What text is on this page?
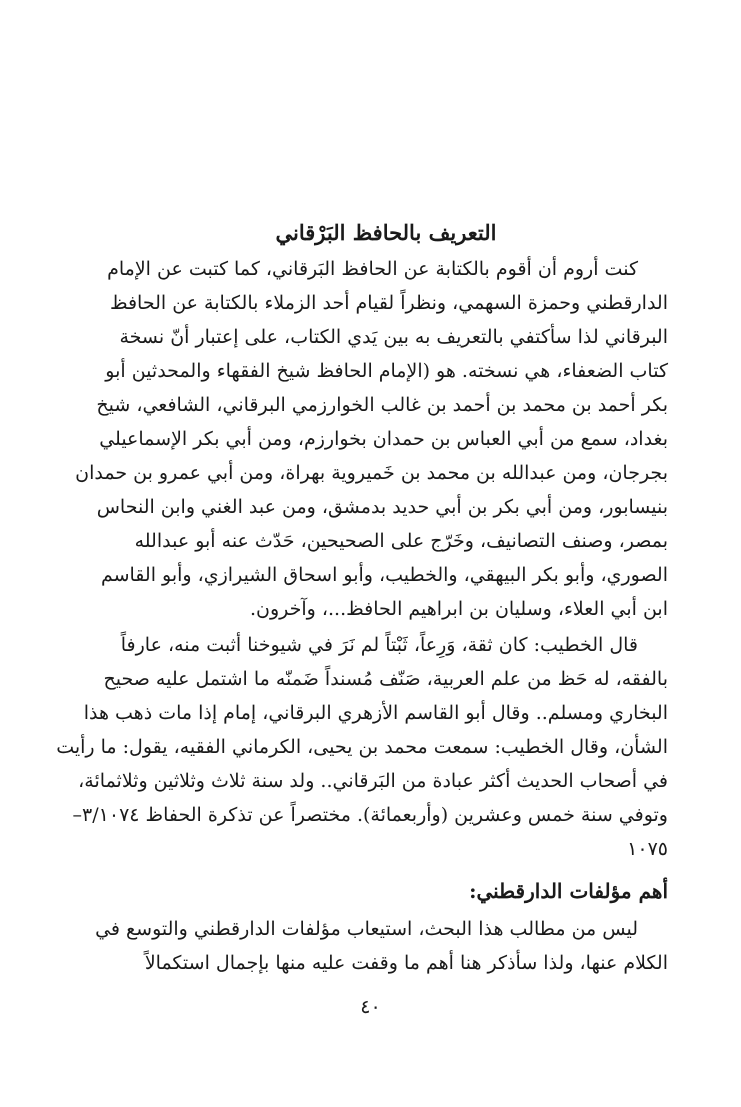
التعريف بالحافظ البَرْقاني
كنت أروم أن أقوم بالكتابة عن الحافظ البَرقاني، كما كتبت عن الإمام
الدارقطني وحمزة السهمي، ونظراً لقيام أحد الزملاء بالكتابة عن الحافظ
البرقاني لذا سأكتفي بالتعريف به بين يَدي الكتاب، على إعتبار أنّ نسخة
كتاب الضعفاء، هي نسخته. هو (الإمام الحافظ شيخ الفقهاء والمحدثين أبو
بكر أحمد بن محمد بن أحمد بن غالب الخوارزمي البرقاني، الشافعي، شيخ
بغداد، سمع من أبي العباس بن حمدان بخوارزم، ومن أبي بكر الإسماعيلي
بجرجان، ومن عبدالله بن محمد بن خَميروية بهراة، ومن أبي عمرو بن حمدان
بنيسابور، ومن أبي بكر بن أبي حديد بدمشق، ومن عبد الغني وابن النحاس
بمصر، وصنف التصانيف، وخَرّج على الصحيحين، حَدّث عنه أبو عبدالله
الصوري، وأبو بكر البيهقي، والخطيب، وأبو اسحاق الشيرازي، وأبو القاسم
ابن أبي العلاء، وسليان بن ابراهيم الحافظ...، وآخرون.
قال الخطيب: كان ثقة، وَرِعاً، ثَبْتاً لم نَرَ في شيوخنا أثبت منه، عارفاً
بالفقه، له حَظ من علم العربية، صَنّف مُسنداً ضَمنّه ما اشتمل عليه صحيح
البخاري ومسلم.. وقال أبو القاسم الأزهري البرقاني، إمام إذا مات ذهب هذا
الشأن، وقال الخطيب: سمعت محمد بن يحيى، الكرماني الفقيه، يقول: ما رأيت
في أصحاب الحديث أكثر عبادة من البَرقاني.. ولد سنة ثلاث وثلاثين وثلاثمائة،
وتوفي سنة خمس وعشرين (وأربعمائة). مختصراً عن تذكرة الحفاظ ٣/١٠٧٤–
١٠٧٥
أهم مؤلفات الدارقطني:
ليس من مطالب هذا البحث، استيعاب مؤلفات الدارقطني والتوسع في
الكلام عنها، ولذا سأذكر هنا أهم ما وقفت عليه منها بإجمال استكمالاً
٤٠
